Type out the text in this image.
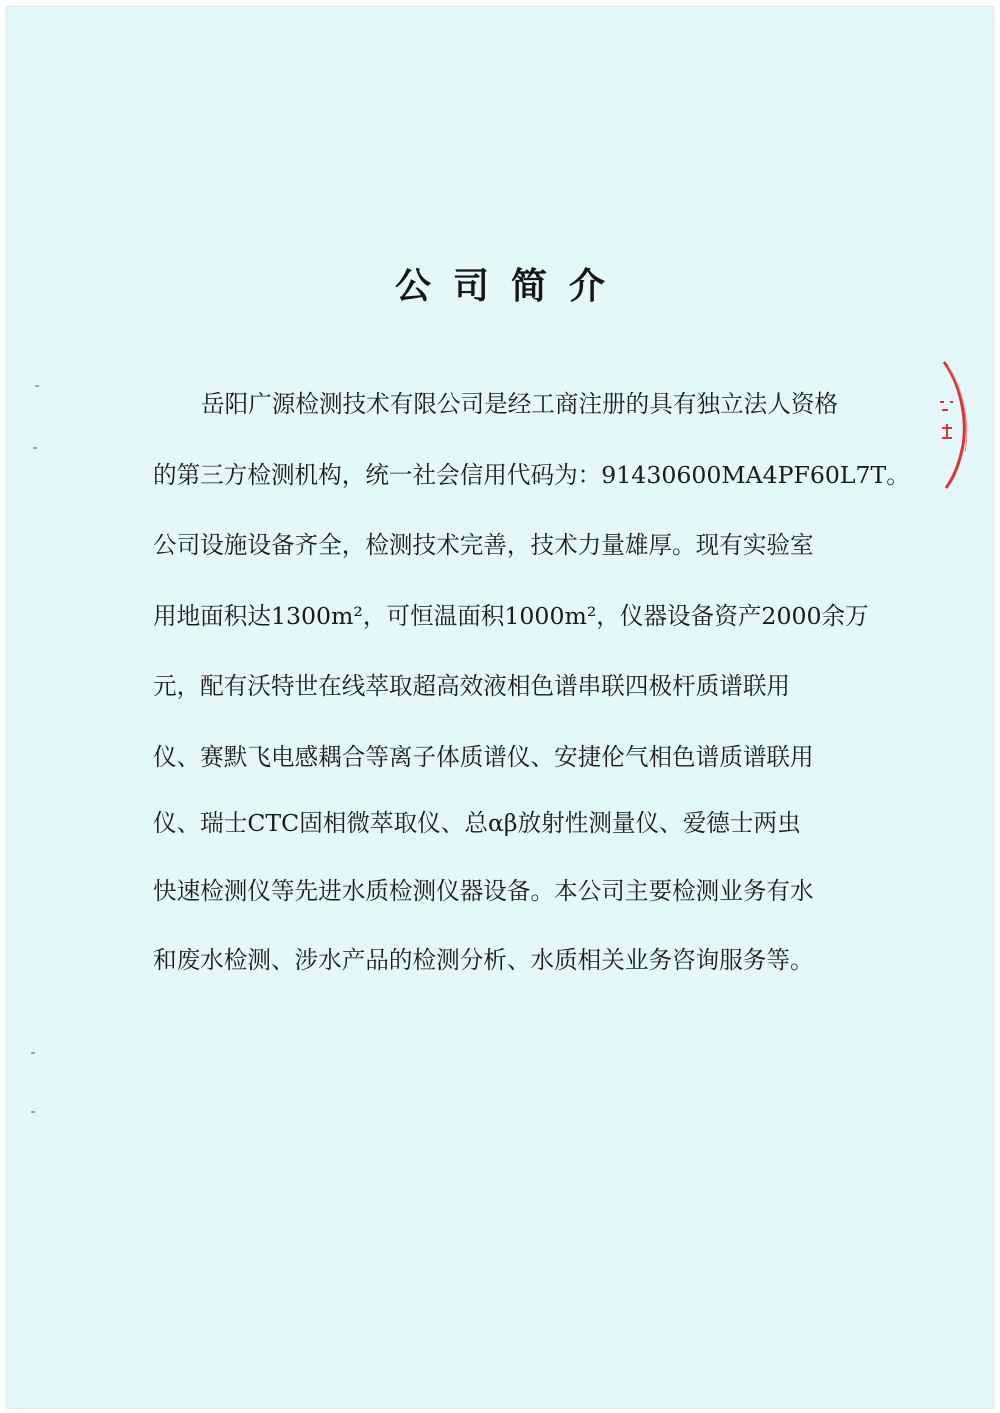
公 司 简 介
岳阳广源检测技术有限公司是经工商注册的具有独立法人资格
的第三方检测机构，统一社会信用代码为：91430600MA4PF60L7T。
公司设施设备齐全，检测技术完善，技术力量雄厚。现有实验室
用地面积达1300m²，可恒温面积1000m²，仪器设备资产2000余万
元，配有沃特世在线萃取超高效液相色谱串联四极杆质谱联用
仪、赛默飞电感耦合等离子体质谱仪、安捷伦气相色谱质谱联用
仪、瑞士CTC固相微萃取仪、总αβ放射性测量仪、爱德士两虫
快速检测仪等先进水质检测仪器设备。本公司主要检测业务有水
和废水检测、涉水产品的检测分析、水质相关业务咨询服务等。
